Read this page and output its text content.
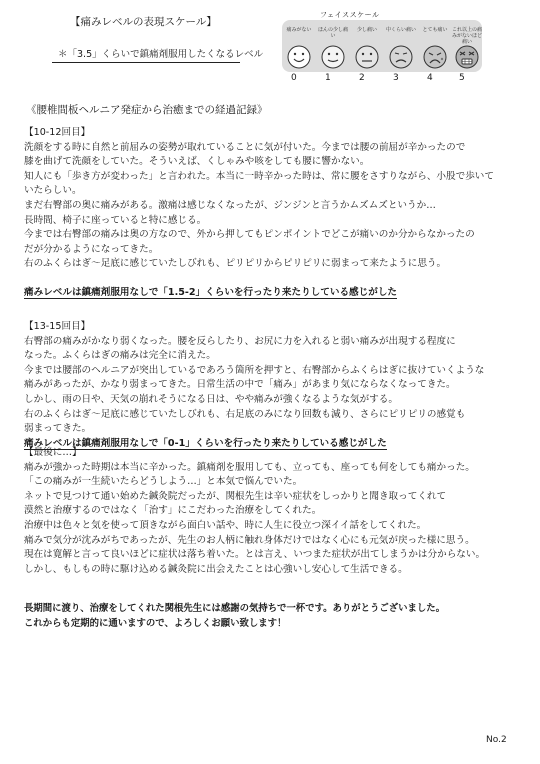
【痛みレベルの表現スケール】
＊「3.5」くらいで鎮痛剤服用したくなるレベル
フェイススケール
痛みがない	ほんの少し痛い
少し痛い	中くらい痛い	とても痛い これ以上の痛みがないほど痛い
0	1	2	3	4	5
《腰椎間板ヘルニア発症から治癒までの経過記録》
【10-12回目】
洗顔をする時に自然と前屈みの姿勢が取れていることに気が付いた。今までは腰の前屈が辛かったので
膝を曲げて洗顔をしていた。そういえば、くしゃみや咳をしても腰に響かない。
知人にも「歩き方が変わった」と言われた。本当に一時辛かった時は、常に腰をさすりながら、小股で歩いて
いたらしい。
まだ右臀部の奥に痛みがある。激痛は感じなくなったが、ジンジンと言うかムズムズというか…
長時間、椅子に座っていると特に感じる。
今までは右臀部の痛みは奥の方なので、外から押してもピンポイントでどこが痛いのか分からなかったの
だが分かるようになってきた。
右のふくらはぎ～足底に感じていたしびれも、ピリピリからピリピリに弱まって来たように思う。
痛みレベルは鎮痛剤服用なしで「1.5-2」くらいを行ったり来たりしている感じがした
【13-15回目】
右臀部の痛みがかなり弱くなった。腰を反らしたり、お尻に力を入れると弱い痛みが出現する程度に
なった。ふくらはぎの痛みは完全に消えた。
今までは腰部のヘルニアが突出しているであろう箇所を押すと、右臀部からふくらはぎに抜けていくような
痛みがあったが、かなり弱まってきた。日常生活の中で「痛み」があまり気にならなくなってきた。
しかし、雨の日や、天気の崩れそうになる日は、やや痛みが強くなるような気がする。
右のふくらはぎ～足底に感じていたしびれも、右足底のみになり回数も減り、さらにピリピリの感覚も
弱まってきた。
痛みレベルは鎮痛剤服用なしで「0-1」くらいを行ったり来たりしている感じがした
【最後に…】
痛みが強かった時期は本当に辛かった。鎮痛剤を服用しても、立っても、座っても何をしても痛かった。
「この痛みが一生続いたらどうしよう…」と本気で悩んでいた。
ネットで見つけて通い始めた鍼灸院だったが、関根先生は辛い症状をしっかりと聞き取ってくれて
漠然と治療するのではなく「治す」にこだわった治療をしてくれた。
治療中は色々と気を使って頂きながら面白い話や、時に人生に役立つ深イイ話をしてくれた。
痛みで気分が沈みがちであったが、先生のお人柄に触れ身体だけではなく心にも元気が戻った様に思う。
現在は寛解と言って良いほどに症状は落ち着いた。とは言え、いつまた症状が出てしまうかは分からない。
しかし、もしもの時に駆け込める鍼灸院に出会えたことは心強いし安心して生活できる。
長期間に渡り、治療をしてくれた関根先生には感謝の気持ちで一杯です。ありがとうございました。
これからも定期的に通いますので、よろしくお願い致します！
No.2
